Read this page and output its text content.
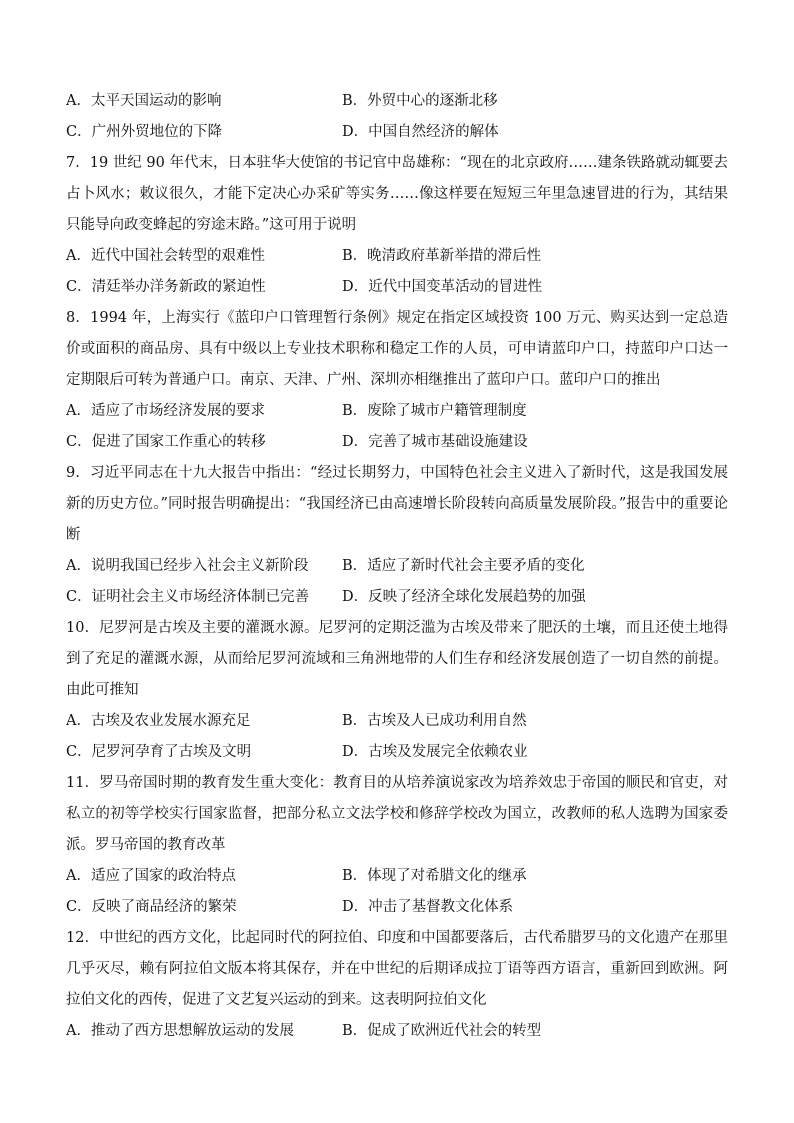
A．太平天国运动的影响	B．外贸中心的逐渐北移
C．广州外贸地位的下降	D．中国自然经济的解体
7．19 世纪 90 年代末，日本驻华大使馆的书记官中岛雄称：“现在的北京政府……建条铁路就动辄要去占卜风水；敕议很久，才能下定决心办采矿等实务……像这样要在短短三年里急速冒进的行为，其结果只能导向政变蜂起的穷途末路。”这可用于说明
A．近代中国社会转型的艰难性	B．晚清政府革新举措的滞后性
C．清廷举办洋务新政的紧迫性	D．近代中国变革活动的冒进性
8．1994 年，上海实行《蓝印户口管理暂行条例》规定在指定区域投资 100 万元、购买达到一定总造价或面积的商品房、具有中级以上专业技术职称和稳定工作的人员，可申请蓝印户口，持蓝印户口达一定期限后可转为普通户口。南京、天津、广州、深圳亦相继推出了蓝印户口。蓝印户口的推出
A．适应了市场经济发展的要求	B．废除了城市户籍管理制度
C．促进了国家工作重心的转移	D．完善了城市基础设施建设
9．习近平同志在十九大报告中指出：“经过长期努力，中国特色社会主义进入了新时代，这是我国发展新的历史方位。”同时报告明确提出：“我国经济已由高速增长阶段转向高质量发展阶段。”报告中的重要论断
A．说明我国已经步入社会主义新阶段	B．适应了新时代社会主要矛盾的变化
C．证明社会主义市场经济体制已完善	D．反映了经济全球化发展趋势的加强
10．尼罗河是古埃及主要的灌溉水源。尼罗河的定期泛滥为古埃及带来了肥沃的土壤，而且还使土地得到了充足的灌溉水源，从而给尼罗河流域和三角洲地带的人们生存和经济发展创造了一切自然的前提。由此可推知
A．古埃及农业发展水源充足	B．古埃及人已成功利用自然
C．尼罗河孕育了古埃及文明	D．古埃及发展完全依赖农业
11．罗马帝国时期的教育发生重大变化：教育目的从培养演说家改为培养效忠于帝国的顺民和官吏，对私立的初等学校实行国家监督，把部分私立文法学校和修辞学校改为国立，改教师的私人选聘为国家委派。罗马帝国的教育改革
A．适应了国家的政治特点	B．体现了对希腊文化的继承
C．反映了商品经济的繁荣	D．冲击了基督教文化体系
12．中世纪的西方文化，比起同时代的阿拉伯、印度和中国都要落后，古代希腊罗马的文化遗产在那里几乎灭尽，赖有阿拉伯文版本将其保存，并在中世纪的后期译成拉丁语等西方语言，重新回到欧洲。阿拉伯文化的西传，促进了文艺复兴运动的到来。这表明阿拉伯文化
A．推动了西方思想解放运动的发展	B．促成了欧洲近代社会的转型
